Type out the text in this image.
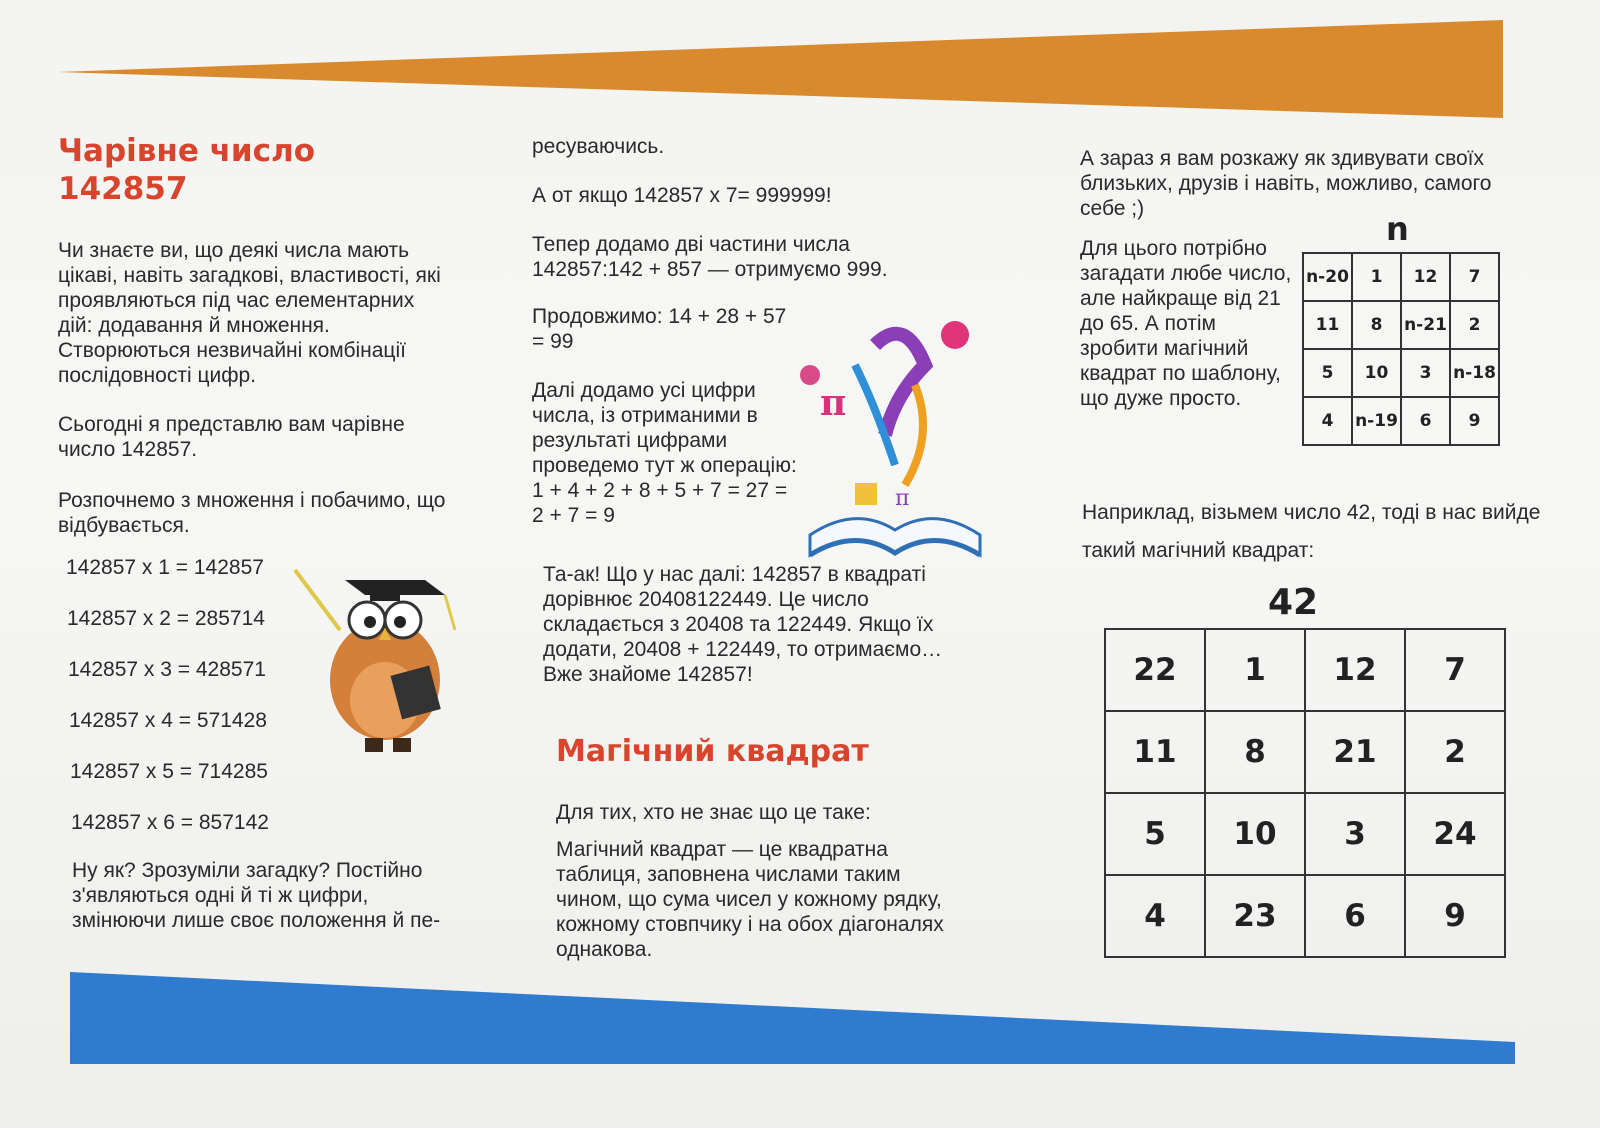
Чарівне число

142857

Чи знаєте ви, що деякі числа мають цікаві, навіть загадкові, властивості, які проявляються під час елементарних дій: додавання й множення. Створюються незвичайні комбінації послідовності цифр.

Сьогодні я представлю вам чарівне число 142857.

Розпочнемо з множення і побачимо, що відбувається.

142857 x 1 = 142857
142857 x 2 = 285714
142857 x 3 = 428571
142857 x 4 = 571428
142857 x 5 = 714285
142857 x 6 = 857142

Ну як? Зрозуміли загадку? Постійно з'являються одні й ті ж цифри, змінюючи лише своє положення й пе-

ресуваючись.

А от якщо 142857 x 7= 999999!

Тепер додамо дві частини числа 142857:142 + 857 — отримуємо 999.

Продовжимо: 14 + 28 + 57 = 99

Далі додамо усі цифри числа, із отриманими в результаті цифрами проведемо тут ж операцію: 1 + 4 + 2 + 8 + 5 + 7 = 27 = 2 + 7 = 9

Та-ак! Що у нас далі: 142857 в квадраті дорівнює 20408122449. Це число складається з 20408 та 122449. Якщо їх додати, 20408 + 122449, то отримаємо… Вже знайоме 142857!

π
π

Магічний квадрат

Для тих, хто не знає що це таке:

Магічний квадрат — це квадратна таблиця, заповнена числами таким чином, що сума чисел у кожному рядку, кожному стовпчику і на обох діагоналях однакова.

А зараз я вам розкажу як здивувати своїх близьких, друзів і навіть, можливо, самого себе ;)

Для цього потрібно загадати любе число, але найкраще від 21 до 65. А потім зробити магічний квадрат по шаблону, що дуже просто.

n
n-20	1	12	7
11	8	n-21	2
5	10	3	n-18
4	n-19	6	9

Наприклад, візьмем число 42, тоді в нас вийде такий магічний квадрат:

42
22	1	12	7
11	8	21	2
5	10	3	24
4	23	6	9
